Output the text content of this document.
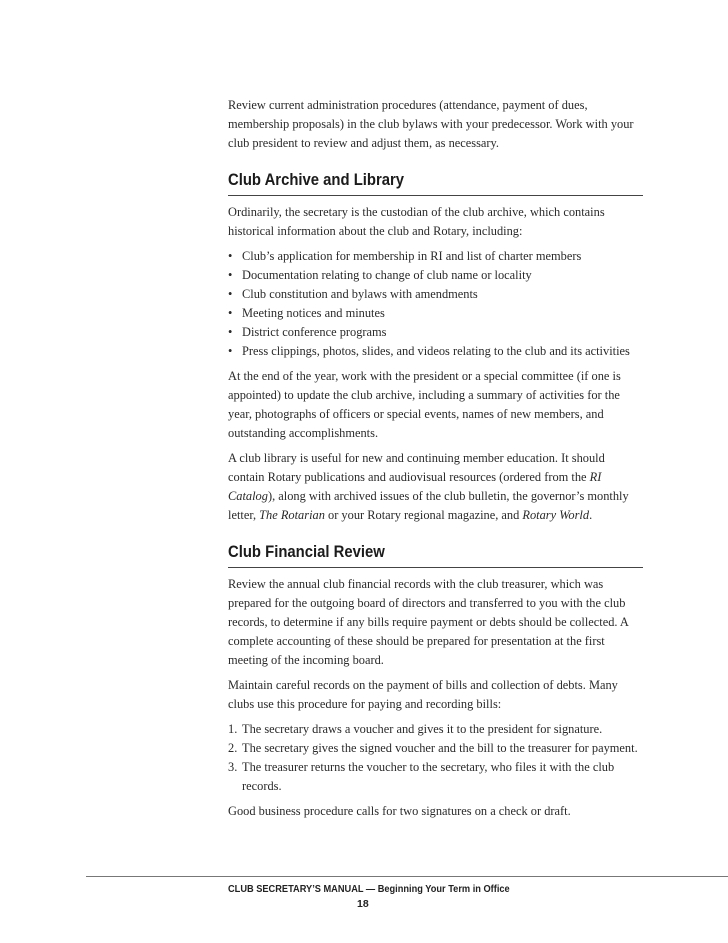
Review current administration procedures (attendance, payment of dues, membership proposals) in the club bylaws with your predecessor. Work with your club president to review and adjust them, as necessary.

Club Archive and Library

Ordinarily, the secretary is the custodian of the club archive, which contains historical information about the club and Rotary, including:

• Club’s application for membership in RI and list of charter members
• Documentation relating to change of club name or locality
• Club constitution and bylaws with amendments
• Meeting notices and minutes
• District conference programs
• Press clippings, photos, slides, and videos relating to the club and its activities

At the end of the year, work with the president or a special committee (if one is appointed) to update the club archive, including a summary of activities for the year, photographs of officers or special events, names of new members, and outstanding accomplishments.

A club library is useful for new and continuing member education. It should contain Rotary publications and audiovisual resources (ordered from the RI Catalog), along with archived issues of the club bulletin, the governor’s monthly letter, The Rotarian or your Rotary regional magazine, and Rotary World.

Club Financial Review

Review the annual club financial records with the club treasurer, which was prepared for the outgoing board of directors and transferred to you with the club records, to determine if any bills require payment or debts should be collected. A complete accounting of these should be prepared for presentation at the first meeting of the incoming board.

Maintain careful records on the payment of bills and collection of debts. Many clubs use this procedure for paying and recording bills:

1. The secretary draws a voucher and gives it to the president for signature.
2. The secretary gives the signed voucher and the bill to the treasurer for payment.
3. The treasurer returns the voucher to the secretary, who files it with the club records.

Good business procedure calls for two signatures on a check or draft.

CLUB SECRETARY’S MANUAL — Beginning Your Term in Office
18
